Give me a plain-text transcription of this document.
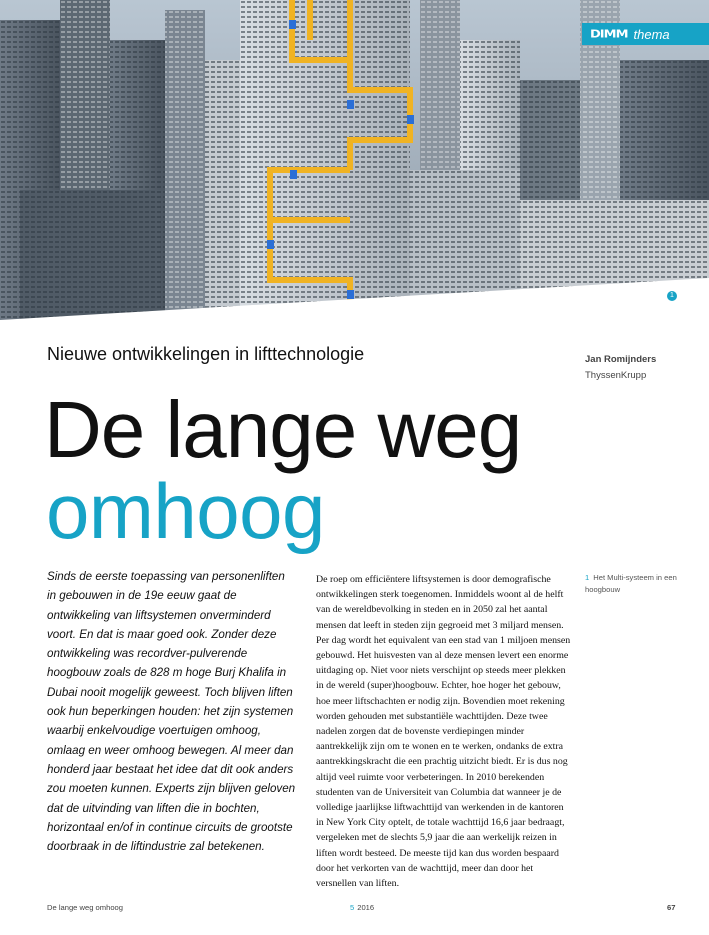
DIMM thema
1
Nieuwe ontwikkelingen in lifttechnologie	Jan Romijnders
ThyssenKrupp
De lange weg
omhoog

Sinds de eerste toepassing van personenliften in gebouwen in de 19e eeuw gaat de ontwikkeling van liftsystemen onverminderd voort. En dat is maar goed ook. Zonder deze ontwikkeling was recordver-pulverende hoogbouw zoals de 828 m hoge Burj Khalifa in Dubai nooit mogelijk geweest. Toch blijven liften ook hun beperkingen houden: het zijn systemen waarbij enkelvoudige voertuigen omhoog, omlaag en weer omhoog bewegen. Al meer dan honderd jaar bestaat het idee dat dit ook anders zou moeten kunnen. Experts zijn blijven geloven dat de uitvinding van liften die in bochten, horizontaal en/of in continue circuits de grootste doorbraak in de liftindustrie zal betekenen.

De roep om efficiëntere liftsystemen is door demografische ontwikkelingen sterk toegenomen. Inmiddels woont al de helft van de wereldbevolking in steden en in 2050 zal het aantal mensen dat leeft in steden zijn gegroeid met 3 miljard mensen. Per dag wordt het equivalent van een stad van 1 miljoen mensen gebouwd. Het huisvesten van al deze mensen levert een enorme uitdaging op. Niet voor niets verschijnt op steeds meer plekken in de wereld (super)hoogbouw. Echter, hoe hoger het gebouw, hoe meer liftschachten er nodig zijn. Bovendien moet rekening worden gehouden met substantiële wachttijden. Deze twee nadelen zorgen dat de bovenste verdiepingen minder aantrekkelijk zijn om te wonen en te werken, ondanks de extra aantrekkingskracht die een prachtig uitzicht biedt. Er is dus nog altijd veel ruimte voor verbeteringen. In 2010 berekenden studenten van de Universiteit van Columbia dat wanneer je de volledige jaarlijkse liftwachttijd van werkenden in de kantoren in New York City optelt, de totale wachttijd 16,6 jaar bedraagt, vergeleken met de slechts 5,9 jaar die aan werkelijk reizen in liften wordt besteed. De meeste tijd kan dus worden bespaard door het verkorten van de wachttijd, meer dan door het versnellen van liften.

1 Het Multi-systeem in een hoogbouw
De lange weg omhoog	5 2016	67
